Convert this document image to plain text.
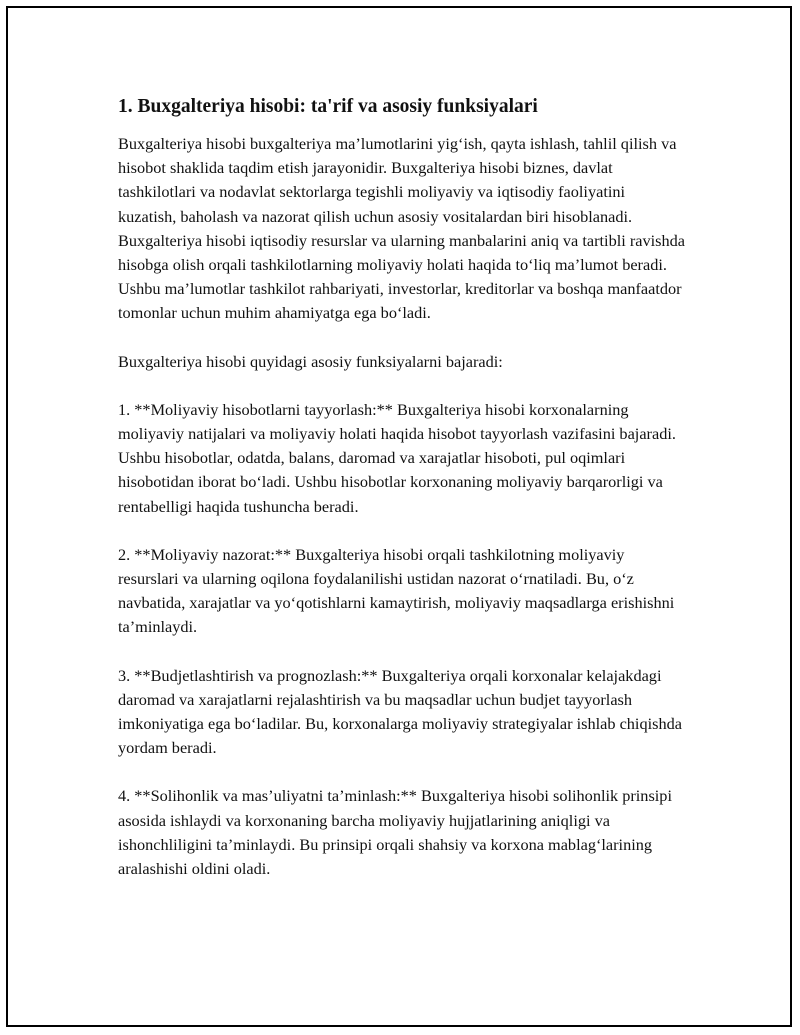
1. Buxgalteriya hisobi: ta'rif va asosiy funksiyalari

Buxgalteriya hisobi buxgalteriya ma’lumotlarini yig‘ish, qayta ishlash, tahlil qilish va hisobot shaklida taqdim etish jarayonidir. Buxgalteriya hisobi biznes, davlat tashkilotlari va nodavlat sektorlarga tegishli moliyaviy va iqtisodiy faoliyatini kuzatish, baholash va nazorat qilish uchun asosiy vositalardan biri hisoblanadi. Buxgalteriya hisobi iqtisodiy resurslar va ularning manbalarini aniq va tartibli ravishda hisobga olish orqali tashkilotlarning moliyaviy holati haqida to‘liq ma’lumot beradi. Ushbu ma’lumotlar tashkilot rahbariyati, investorlar, kreditorlar va boshqa manfaatdor tomonlar uchun muhim ahamiyatga ega bo‘ladi.

Buxgalteriya hisobi quyidagi asosiy funksiyalarni bajaradi:

1. **Moliyaviy hisobotlarni tayyorlash:** Buxgalteriya hisobi korxonalarning moliyaviy natijalari va moliyaviy holati haqida hisobot tayyorlash vazifasini bajaradi. Ushbu hisobotlar, odatda, balans, daromad va xarajatlar hisoboti, pul oqimlari hisobotidan iborat bo‘ladi. Ushbu hisobotlar korxonaning moliyaviy barqarorligi va rentabelligi haqida tushuncha beradi.

2. **Moliyaviy nazorat:** Buxgalteriya hisobi orqali tashkilotning moliyaviy resurslari va ularning oqilona foydalanilishi ustidan nazorat o‘rnatiladi. Bu, o‘z navbatida, xarajatlar va yo‘qotishlarni kamaytirish, moliyaviy maqsadlarga erishishni ta’minlaydi.

3. **Budjetlashtirish va prognozlash:** Buxgalteriya orqali korxonalar kelajakdagi daromad va xarajatlarni rejalashtirish va bu maqsadlar uchun budjet tayyorlash imkoniyatiga ega bo‘ladilar. Bu, korxonalarga moliyaviy strategiyalar ishlab chiqishda yordam beradi.

4. **Solihonlik va mas’uliyatni ta’minlash:** Buxgalteriya hisobi solihonlik prinsipi asosida ishlaydi va korxonaning barcha moliyaviy hujjatlarining aniqligi va ishonchliligini ta’minlaydi. Bu prinsipi orqali shahsiy va korxona mablag‘larining aralashishi oldini oladi.
